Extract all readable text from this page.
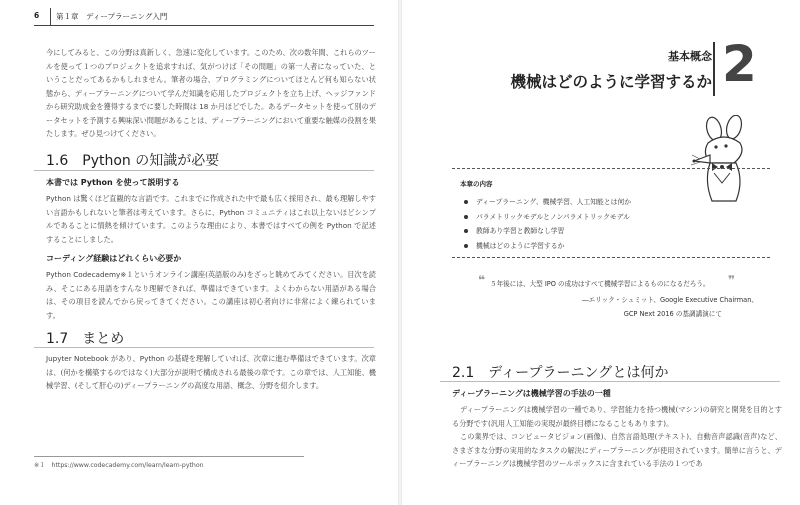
6 第１章　ディープラーニング入門

今にしてみると、この分野は真新しく、急速に変化しています。このため、次の数年間、これらのツールを使って１つのプロジェクトを追求すれば、気がつけば「その問題」の第一人者になっていた、ということだってあるかもしれません。筆者の場合、プログラミングについてほとんど何も知らない状態から、ディープラーニングについて学んだ知識を応用したプロジェクトを立ち上げ、ヘッジファンドから研究助成金を獲得するまでに要した時間は 18 か月ほどでした。あるデータセットを使って別のデータセットを予測する興味深い問題があることは、ディープラーニングにおいて重要な触媒の役割を果たします。ぜひ見つけてください。

1.6　Python の知識が必要
本書では Python を使って説明する

Python は驚くほど直観的な言語です。これまでに作成された中で最も広く採用され、最も理解しやすい言語かもしれないと筆者は考えています。さらに、Python コミュニティはこれ以上ないほどシンプルであることに情熱を傾けています。このような理由により、本書ではすべての例を Python で記述することにしました。

コーディング経験はどれくらい必要か

Python Codecademy※１というオンライン講座(英語版のみ)をざっと眺めてみてください。目次を読み、そこにある用語をすんなり理解できれば、準備はできています。よくわからない用語がある場合は、その項目を読んでから戻ってきてください。この講座は初心者向けに非常によく練られています。

1.7　まとめ

Jupyter Notebook があり、Python の基礎を理解していれば、次章に進む準備はできています。次章は、(何かを構築するのではなく)大部分が説明で構成される最後の章です。この章では、人工知能、機械学習、(そして肝心の)ディープラーニングの高度な用語、概念、分野を紹介します。

※１　https://www.codecademy.com/learn/learn-python
基本概念
機械はどのように学習するか 2
本章の内容
ディープラーニング、機械学習、人工知能とは何か
パラメトリックモデルとノンパラメトリックモデル
教師あり学習と教師なし学習
機械はどのように学習するか
❝ ５年後には、大型 IPO の成功はすべて機械学習によるものになるだろう。 ❞
―エリック・シュミット、Google Executive Chairman、
GCP Next 2016 の基調講演にて
2.1　ディープラーニングとは何か
ディープラーニングは機械学習の手法の一種

ディープラーニングは機械学習の一種であり、学習能力を持つ機械(マシン)の研究と開発を目的とする分野です(汎用人工知能の実現が最終目標になることもあります)。

この業界では、コンピュータビジョン(画像)、自然言語処理(テキスト)、自動音声認識(音声)など、さまざまな分野の実用的なタスクの解決にディープラーニングが使用されています。簡単に言うと、ディープラーニングは機械学習のツールボックスに含まれている手法の１つであ
